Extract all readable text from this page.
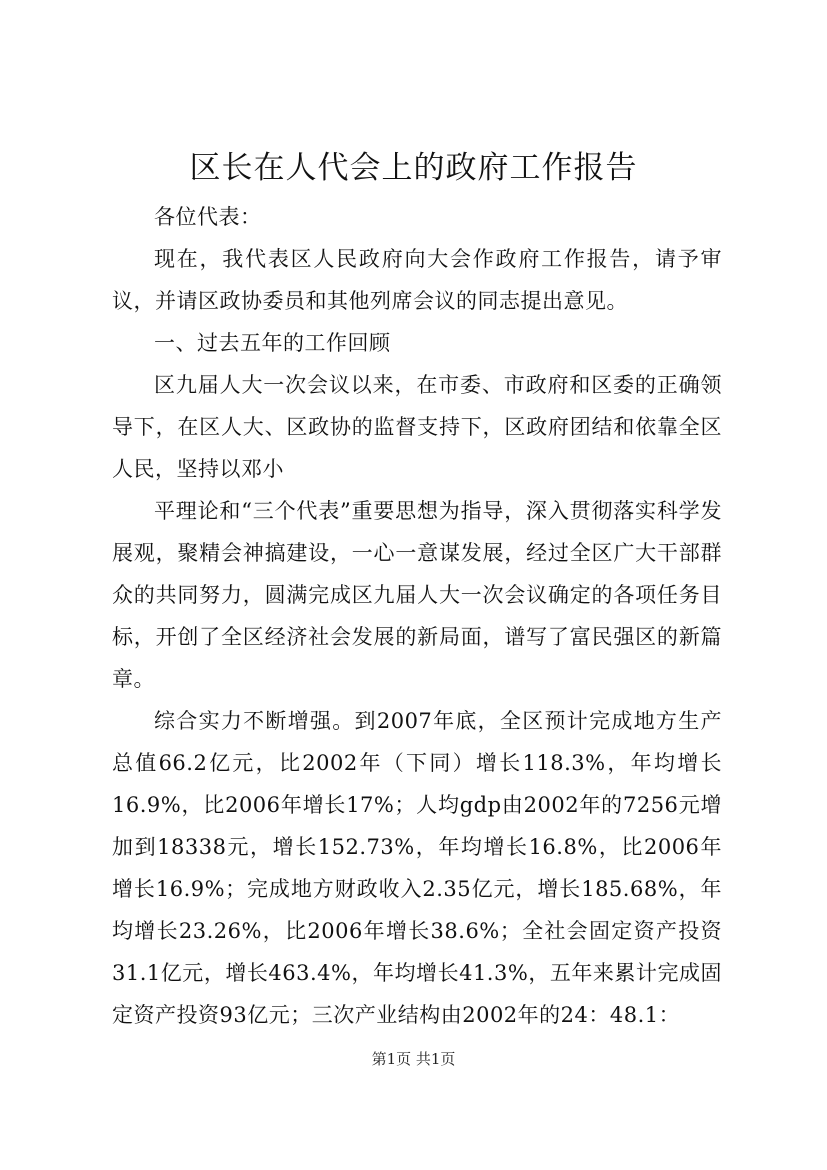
区长在人代会上的政府工作报告

各位代表：

现在，我代表区人民政府向大会作政府工作报告，请予审议，并请区政协委员和其他列席会议的同志提出意见。

一、过去五年的工作回顾

区九届人大一次会议以来，在市委、市政府和区委的正确领导下，在区人大、区政协的监督支持下，区政府团结和依靠全区人民，坚持以邓小

平理论和“三个代表”重要思想为指导，深入贯彻落实科学发展观，聚精会神搞建设，一心一意谋发展，经过全区广大干部群众的共同努力，圆满完成区九届人大一次会议确定的各项任务目标，开创了全区经济社会发展的新局面，谱写了富民强区的新篇章。

综合实力不断增强。到2007年底，全区预计完成地方生产总值66.2亿元，比2002年（下同）增长118.3%，年均增长16.9%，比2006年增长17%；人均gdp由2002年的7256元增加到18338元，增长152.73%，年均增长16.8%，比2006年增长16.9%；完成地方财政收入2.35亿元，增长185.68%，年均增长23.26%，比2006年增长38.6%；全社会固定资产投资31.1亿元，增长463.4%，年均增长41.3%，五年来累计完成固定资产投资93亿元；三次产业结构由2002年的24：48.1：

第1页 共1页
